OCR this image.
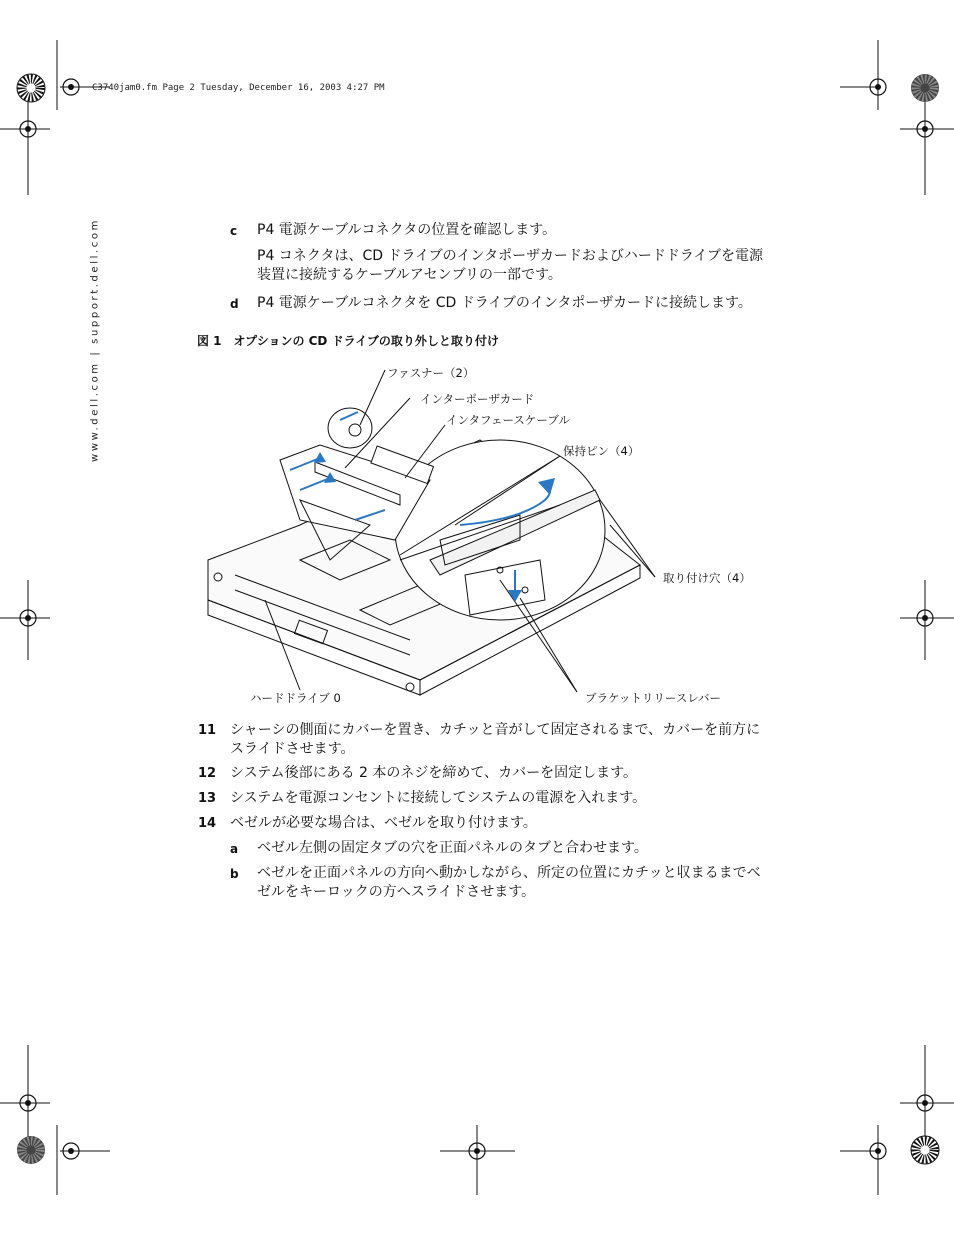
C3740jam0.fm Page 2 Tuesday, December 16, 2003 4:27 PM
www.dell.com | support.dell.com	c P4 電源ケーブルコネクタの位置を確認します。
P4 コネクタは、CD ドライブのインタポーザカードおよびハードドライブを電源
装置に接続するケーブルアセンブリの一部です。
d P4 電源ケーブルコネクタを CD ドライブのインタポーザカードに接続します。
図 1　オプションの CD ドライブの取り外しと取り付け
ファスナー（2）
インターポーザカード
インタフェースケーブル
保持ピン（4）
取り付け穴（4）
ハードドライブ 0	ブラケットリリースレバー
11 シャーシの側面にカバーを置き、カチッと音がして固定されるまで、カバーを前方に
スライドさせます。
12 システム後部にある 2 本のネジを締めて、カバーを固定します。
13 システムを電源コンセントに接続してシステムの電源を入れます。
14 ベゼルが必要な場合は、ベゼルを取り付けます。
a ベゼル左側の固定タブの穴を正面パネルのタブと合わせます。
b ベゼルを正面パネルの方向へ動かしながら、所定の位置にカチッと収まるまでベ
ゼルをキーロックの方へスライドさせます。
